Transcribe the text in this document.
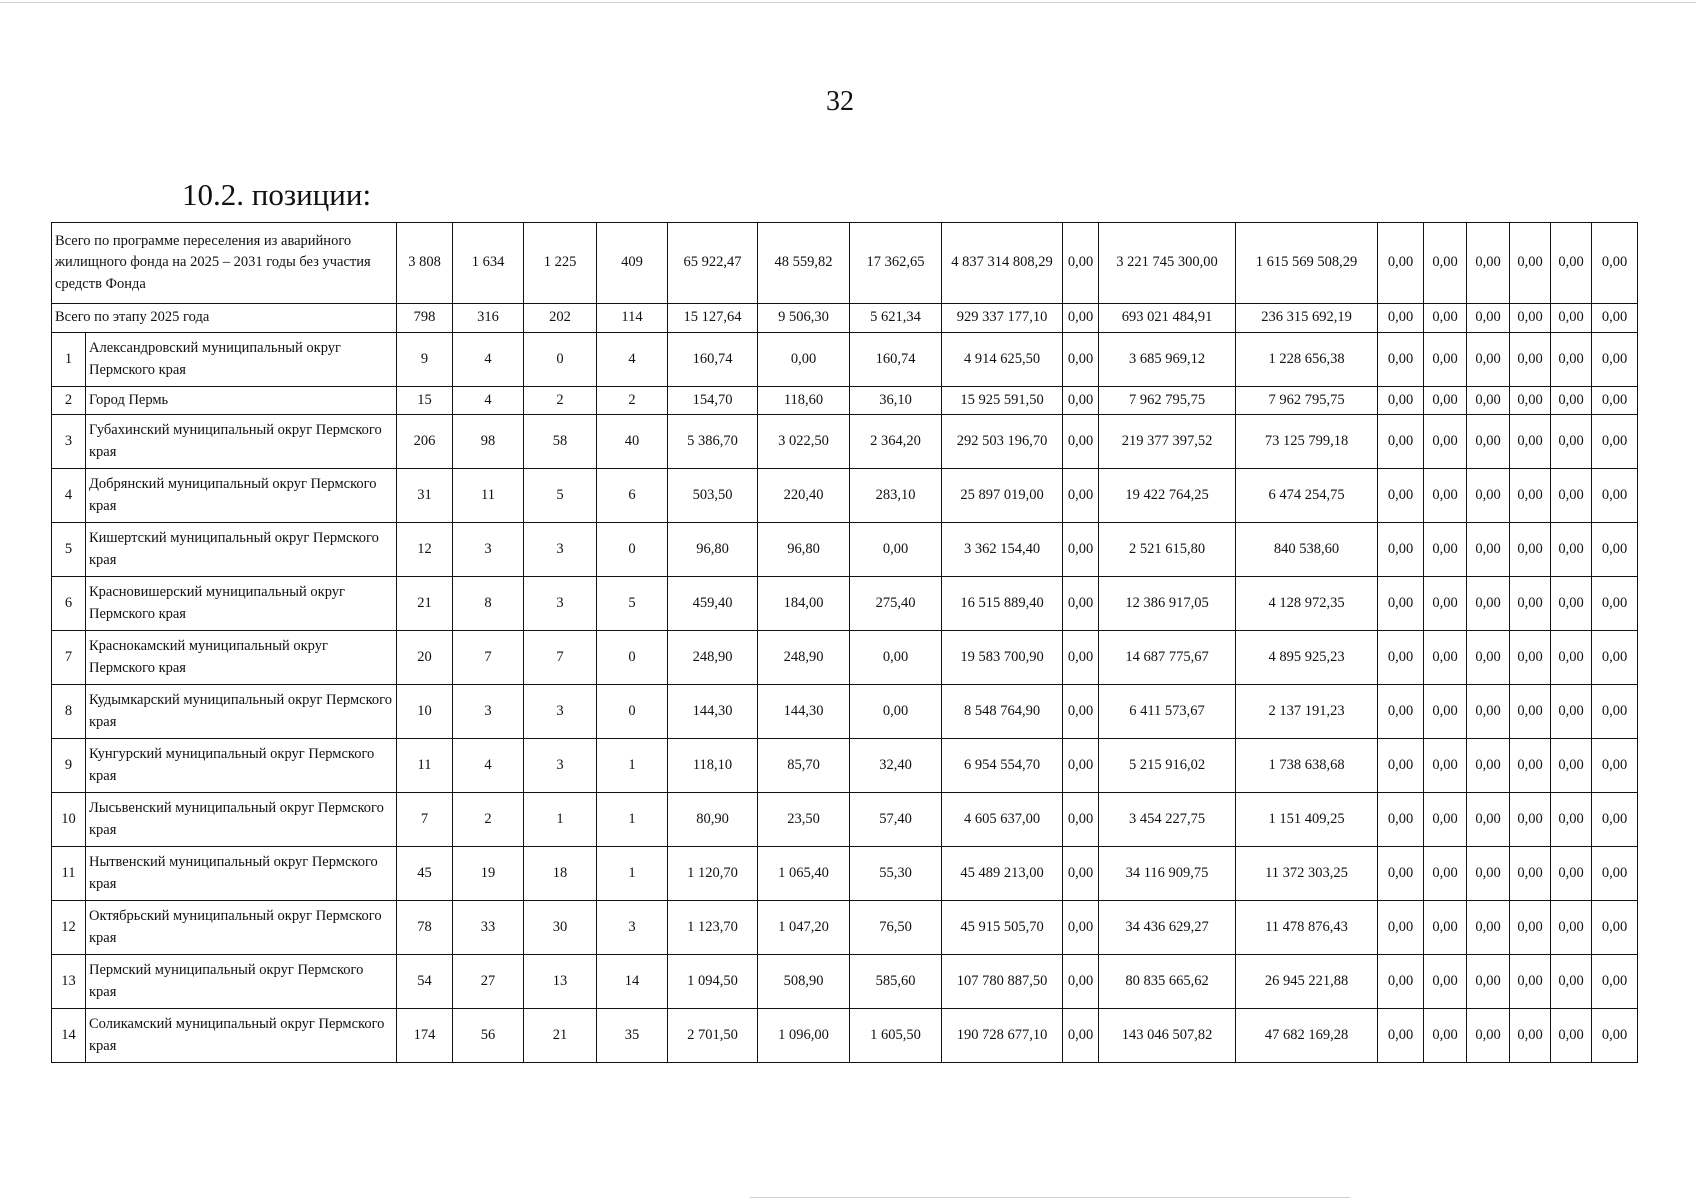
32
10.2. позиции:
Всего по программе переселения из аварийного жилищного фонда на 2025 – 2031 годы без участия средств Фонда		3 808	1 634	1 225	409	65 922,47	48 559,82	17 362,65	4 837 314 808,29	0,00	3 221 745 300,00	1 615 569 508,29	0,00	0,00	0,00	0,00	0,00	0,00
Всего по этапу 2025 года		798	316	202	114	15 127,64	9 506,30	5 621,34	929 337 177,10	0,00	693 021 484,91	236 315 692,19	0,00	0,00	0,00	0,00	0,00	0,00
1	Александровский муниципальный округ Пермского края	9	4	0	4	160,74	0,00	160,74	4 914 625,50	0,00	3 685 969,12	1 228 656,38	0,00	0,00	0,00	0,00	0,00	0,00
2	Город Пермь	15	4	2	2	154,70	118,60	36,10	15 925 591,50	0,00	7 962 795,75	7 962 795,75	0,00	0,00	0,00	0,00	0,00	0,00
3	Губахинский муниципальный округ Пермского края	206	98	58	40	5 386,70	3 022,50	2 364,20	292 503 196,70	0,00	219 377 397,52	73 125 799,18	0,00	0,00	0,00	0,00	0,00	0,00
4	Добрянский муниципальный округ Пермского края	31	11	5	6	503,50	220,40	283,10	25 897 019,00	0,00	19 422 764,25	6 474 254,75	0,00	0,00	0,00	0,00	0,00	0,00
5	Кишертский муниципальный округ Пермского края	12	3	3	0	96,80	96,80	0,00	3 362 154,40	0,00	2 521 615,80	840 538,60	0,00	0,00	0,00	0,00	0,00	0,00
6	Красновишерский муниципальный округ Пермского края	21	8	3	5	459,40	184,00	275,40	16 515 889,40	0,00	12 386 917,05	4 128 972,35	0,00	0,00	0,00	0,00	0,00	0,00
7	Краснокамский муниципальный округ Пермского края	20	7	7	0	248,90	248,90	0,00	19 583 700,90	0,00	14 687 775,67	4 895 925,23	0,00	0,00	0,00	0,00	0,00	0,00
8	Кудымкарский муниципальный округ Пермского края	10	3	3	0	144,30	144,30	0,00	8 548 764,90	0,00	6 411 573,67	2 137 191,23	0,00	0,00	0,00	0,00	0,00	0,00
9	Кунгурский муниципальный округ Пермского края	11	4	3	1	118,10	85,70	32,40	6 954 554,70	0,00	5 215 916,02	1 738 638,68	0,00	0,00	0,00	0,00	0,00	0,00
10	Лысьвенский муниципальный округ Пермского края	7	2	1	1	80,90	23,50	57,40	4 605 637,00	0,00	3 454 227,75	1 151 409,25	0,00	0,00	0,00	0,00	0,00	0,00
11	Нытвенский муниципальный округ Пермского края	45	19	18	1	1 120,70	1 065,40	55,30	45 489 213,00	0,00	34 116 909,75	11 372 303,25	0,00	0,00	0,00	0,00	0,00	0,00
12	Октябрьский муниципальный округ Пермского края	78	33	30	3	1 123,70	1 047,20	76,50	45 915 505,70	0,00	34 436 629,27	11 478 876,43	0,00	0,00	0,00	0,00	0,00	0,00
13	Пермский муниципальный округ Пермского края	54	27	13	14	1 094,50	508,90	585,60	107 780 887,50	0,00	80 835 665,62	26 945 221,88	0,00	0,00	0,00	0,00	0,00	0,00
14	Соликамский муниципальный округ Пермского края	174	56	21	35	2 701,50	1 096,00	1 605,50	190 728 677,10	0,00	143 046 507,82	47 682 169,28	0,00	0,00	0,00	0,00	0,00	0,00
